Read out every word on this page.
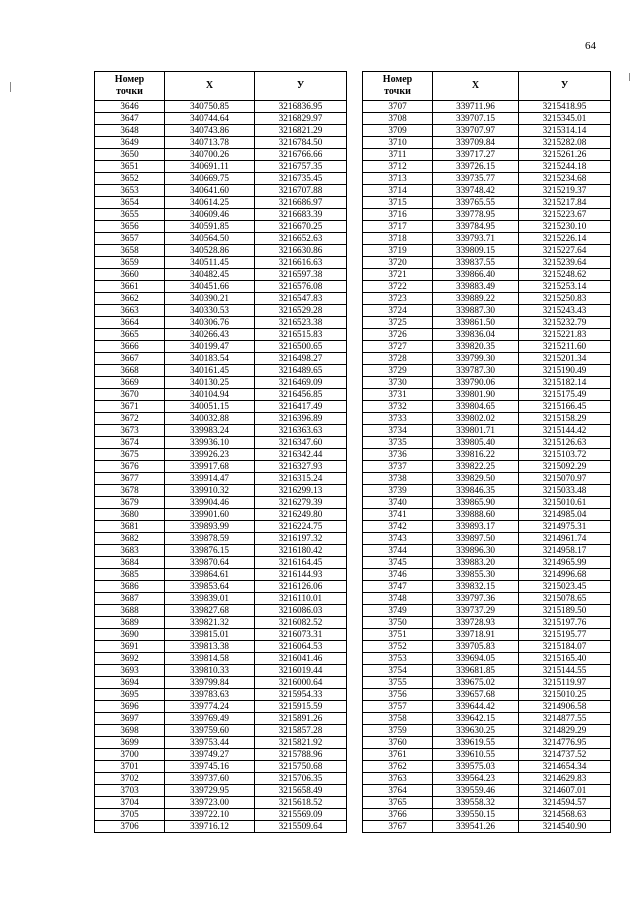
64
Номер
точки	X	У
3646	340750.85	3216836.95
3647	340744.64	3216829.97
3648	340743.86	3216821.29
3649	340713.78	3216784.50
3650	340700.26	3216766.66
3651	340691.11	3216757.35
3652	340669.75	3216735.45
3653	340641.60	3216707.88
3654	340614.25	3216686.97
3655	340609.46	3216683.39
3656	340591.85	3216670.25
3657	340564.50	3216652.63
3658	340528.86	3216630.86
3659	340511.45	3216616.63
3660	340482.45	3216597.38
3661	340451.66	3216576.08
3662	340390.21	3216547.83
3663	340330.53	3216529.28
3664	340306.76	3216523.38
3665	340266.43	3216515.83
3666	340199.47	3216500.65
3667	340183.54	3216498.27
3668	340161.45	3216489.65
3669	340130.25	3216469.09
3670	340104.94	3216456.85
3671	340051.15	3216417.49
3672	340032.88	3216396.89
3673	339983.24	3216363.63
3674	339936.10	3216347.60
3675	339926.23	3216342.44
3676	339917.68	3216327.93
3677	339914.47	3216315.24
3678	339910.32	3216299.13
3679	339904.46	3216279.39
3680	339901.60	3216249.80
3681	339893.99	3216224.75
3682	339878.59	3216197.32
3683	339876.15	3216180.42
3684	339870.64	3216164.45
3685	339864.61	3216144.93
3686	339853.64	3216126.06
3687	339839.01	3216110.01
3688	339827.68	3216086.03
3689	339821.32	3216082.52
3690	339815.01	3216073.31
3691	339813.38	3216064.53
3692	339814.58	3216041.46
3693	339810.33	3216019.44
3694	339799.84	3216000.64
3695	339783.63	3215954.33
3696	339774.24	3215915.59
3697	339769.49	3215891.26
3698	339759.60	3215857.28
3699	339753.44	3215821.92
3700	339749.27	3215788.96
3701	339745.16	3215750.68
3702	339737.60	3215706.35
3703	339729.95	3215658.49
3704	339723.00	3215618.52
3705	339722.10	3215569.09
3706	339716.12	3215509.64
Номер
точки	X	У
3707	339711.96	3215418.95
3708	339707.15	3215345.01
3709	339707.97	3215314.14
3710	339709.84	3215282.08
3711	339717.27	3215261.26
3712	339726.15	3215244.18
3713	339735.77	3215234.68
3714	339748.42	3215219.37
3715	339765.55	3215217.84
3716	339778.95	3215223.67
3717	339784.95	3215230.10
3718	339793.71	3215226.14
3719	339809.15	3215227.64
3720	339837.55	3215239.64
3721	339866.40	3215248.62
3722	339883.49	3215253.14
3723	339889.22	3215250.83
3724	339887.30	3215243.43
3725	339861.50	3215232.79
3726	339836.04	3215221.83
3727	339820.35	3215211.60
3728	339799.30	3215201.34
3729	339787.30	3215190.49
3730	339790.06	3215182.14
3731	339801.90	3215175.49
3732	339804.65	3215166.45
3733	339802.02	3215158.29
3734	339801.71	3215144.42
3735	339805.40	3215126.63
3736	339816.22	3215103.72
3737	339822.25	3215092.29
3738	339829.50	3215070.97
3739	339846.35	3215033.48
3740	339865.90	3215010.61
3741	339888.60	3214985.04
3742	339893.17	3214975.31
3743	339897.50	3214961.74
3744	339896.30	3214958.17
3745	339883.20	3214965.99
3746	339855.30	3214996.68
3747	339832.15	3215023.45
3748	339797.36	3215078.65
3749	339737.29	3215189.50
3750	339728.93	3215197.76
3751	339718.91	3215195.77
3752	339705.83	3215184.07
3753	339694.05	3215165.40
3754	339681.85	3215144.55
3755	339675.02	3215119.97
3756	339657.68	3215010.25
3757	339644.42	3214906.58
3758	339642.15	3214877.55
3759	339630.25	3214829.29
3760	339619.55	3214776.95
3761	339610.55	3214737.52
3762	339575.03	3214654.34
3763	339564.23	3214629.83
3764	339559.46	3214607.01
3765	339558.32	3214594.57
3766	339550.15	3214568.63
3767	339541.26	3214540.90
